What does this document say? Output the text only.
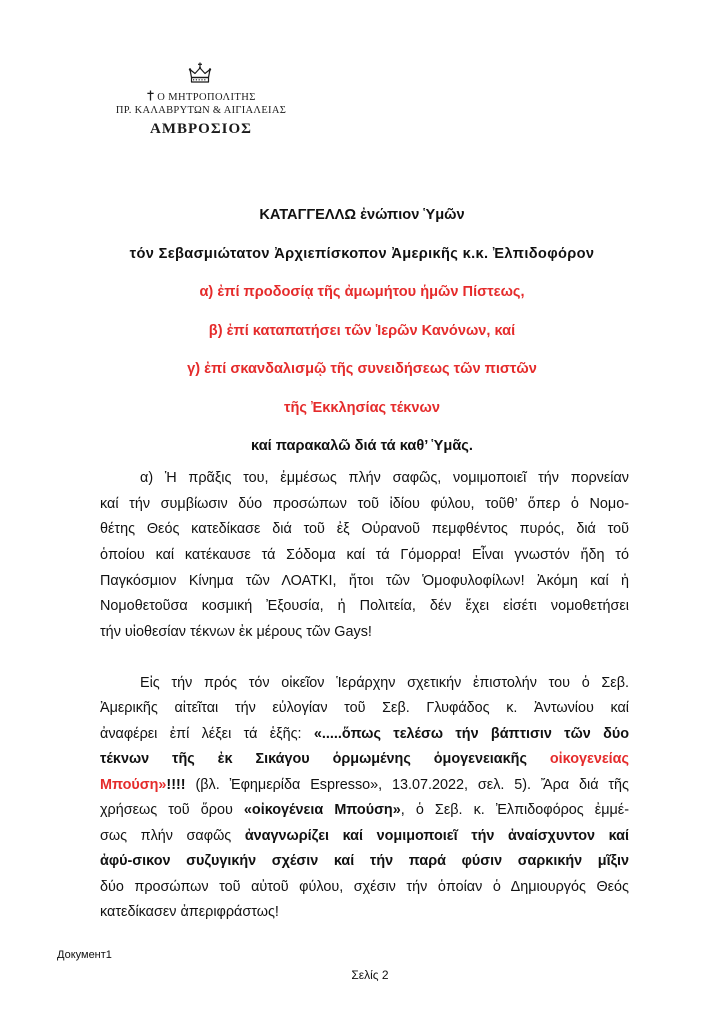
Ο ΜΗΤΡΟΠΟΛΙΤΗΣ
ΠΡ. ΚΑΛΑΒΡΥΤΩΝ & ΑΙΓΙΑΛΕΙΑΣ
ΑΜΒΡΟΣΙΟΣ
ΚΑΤΑΓΓΕΛΛΩ ἐνώπιον Ὑμῶν
τόν Σεβασμιώτατον Ἀρχιεπίσκοπον Ἀμερικῆς κ.κ. Ἐλπιδοφόρον
α) ἐπί προδοσίᾳ τῆς ἀμωμήτου ἡμῶν Πίστεως,
β) ἐπί καταπατήσει τῶν Ἱερῶν Κανόνων, καί
γ) ἐπί σκανδαλισμῷ τῆς συνειδήσεως τῶν πιστῶν
τῆς Ἐκκλησίας τέκνων
καί παρακαλῶ διά τά καθ’ Ὑμᾶς.
α) Ἡ πρᾶξις του, ἐμμέσως πλήν σαφῶς, νομιμοποιεῖ τήν πορνείαν
καί τήν συμβίωσιν δύο προσώπων τοῦ ἰδίου φύλου, τοῦθ’ ὅπερ ὁ Νομο-
θέτης Θεός κατεδίκασε διά τοῦ ἐξ Οὐρανοῦ πεμφθέντος πυρός, διά τοῦ
ὁποίου καί κατέκαυσε τά Σόδομα καί τά Γόμορρα! Εἶναι γνωστόν ἤδη τό
Παγκόσμιον Κίνημα τῶν ΛΟΑΤΚΙ, ἤτοι τῶν Ὁμοφυλοφίλων! Ἀκόμη καί ἡ
Νομοθετοῦσα κοσμική Ἐξουσία, ἡ Πολιτεία, δέν ἔχει εἰσέτι νομοθετήσει
τήν υἱοθεσίαν τέκνων ἐκ μέρους τῶν Gays!
Εἰς τήν πρός τόν οἰκεῖον Ἱεράρχην σχετικήν ἐπιστολήν του ὁ Σεβ.
Ἀμερικῆς αἰτεῖται τήν εὐλογίαν τοῦ Σεβ. Γλυφάδος κ. Ἀντωνίου καί
ἀναφέρει ἐπί λέξει τά ἑξῆς: «.....ὅπως τελέσω τήν βάπτισιν τῶν δύο
τέκνων τῆς ἐκ Σικάγου ὁρμωμένης ὁμογενειακῆς οἰκογενείας
Μπούση»!!!! (βλ. Ἐφημερίδα Espresso», 13.07.2022, σελ. 5). Ἄρα διά τῆς
χρήσεως τοῦ ὅρου «οἰκογένεια Μπούση», ὁ Σεβ. κ. Ἐλπιδοφόρος ἐμμέ-
σως πλήν σαφῶς ἀναγνωρίζει καί νομιμοποιεῖ τήν ἀναίσχυντον καί
ἀφύ-σικον συζυγικήν σχέσιν καί τήν παρά φύσιν σαρκικήν μῖξιν
δύο προσώπων τοῦ αὐτοῦ φύλου, σχέσιν τήν ὁποίαν ὁ Δημιουργός Θεός
κατεδίκασεν ἀπεριφράστως!
Документ1
Σελίς 2
